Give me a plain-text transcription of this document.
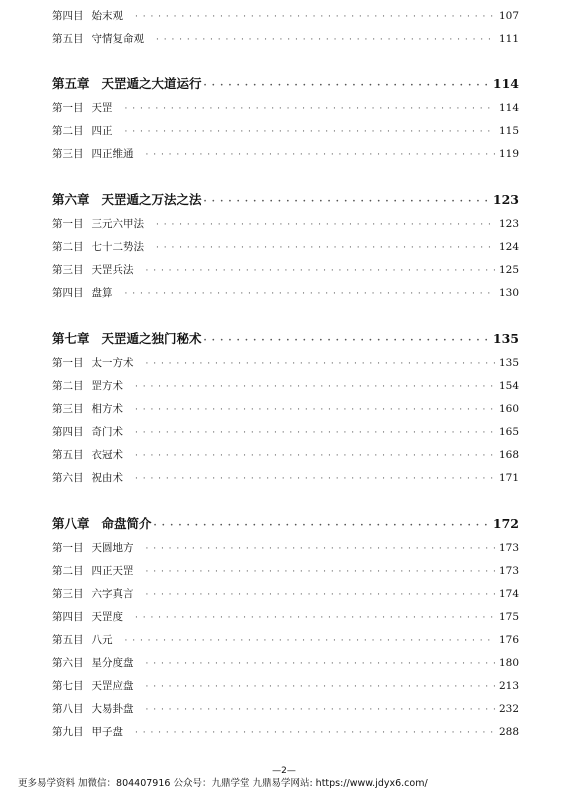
第四目 始末观 · · ·	107
第五目 守情复命观 · · ·	111
第五章 天罡遁之大道运行 · · ·	114
第一目 天罡 · · ·	114
第二目 四正 · · ·	115
第三目 四正维通 · · ·	119
第六章 天罡遁之万法之法 · · ·	123
第一目 三元六甲法 · · ·	123
第二目 七十二势法 · · ·	124
第三目 天罡兵法 · · ·	125
第四目 盘算 · · ·	130
第七章 天罡遁之独门秘术 · · ·	135
第一目 太一方术 · · ·	135
第二目 罡方术 · · ·	154
第三目 相方术 · · ·	160
第四目 奇门术 · · ·	165
第五目 衣冠术 · · ·	168
第六目 祝由术 · · ·	171
第八章 命盘简介 · · ·	172
第一目 天圆地方 · · ·	173
第二目 四正天罡 · · ·	173
第三目 六字真言 · · ·	174
第四目 天罡度 · · ·	175
第五目 八元 · · ·	176
第六目 星分度盘 · · ·	180
第七目 天罡应盘 · · ·	213
第八目 大易卦盘 · · ·	232
第九目 甲子盘 · · ·	288
—2—
更多易学资料 加微信：804407916 公众号：九鼎学堂 九鼎易学网站: https://www.jdyx6.com/
